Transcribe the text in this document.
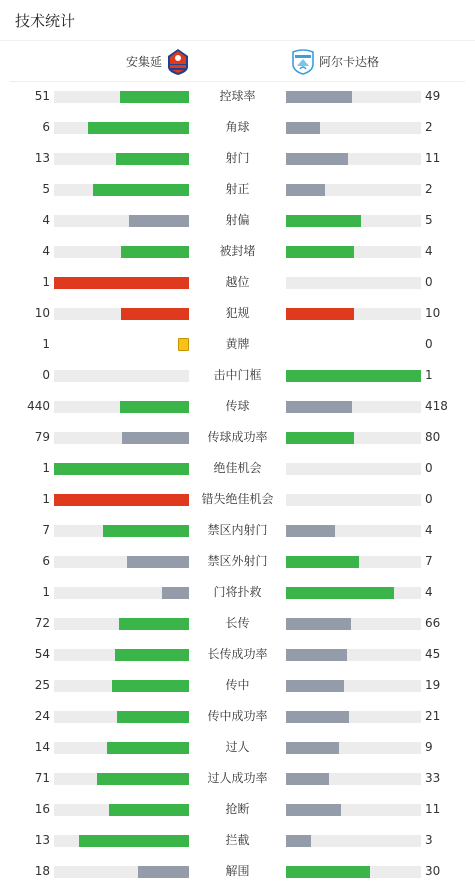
技术统计
安集延	阿尔卡达格
51	控球率	49
6	角球	2
13	射门	11
5	射正	2
4	射偏	5
4	被封堵	4
1	越位	0
10	犯规	10
1	黄牌	0
0	击中门框	1
440	传球	418
79	传球成功率	80
1	绝佳机会	0
1	错失绝佳机会	0
7	禁区内射门	4
6	禁区外射门	7
1	门将扑救	4
72	长传	66
54	长传成功率	45
25	传中	19
24	传中成功率	21
14	过人	9
71	过人成功率	33
16	抢断	11
13	拦截	3
18	解围	30
